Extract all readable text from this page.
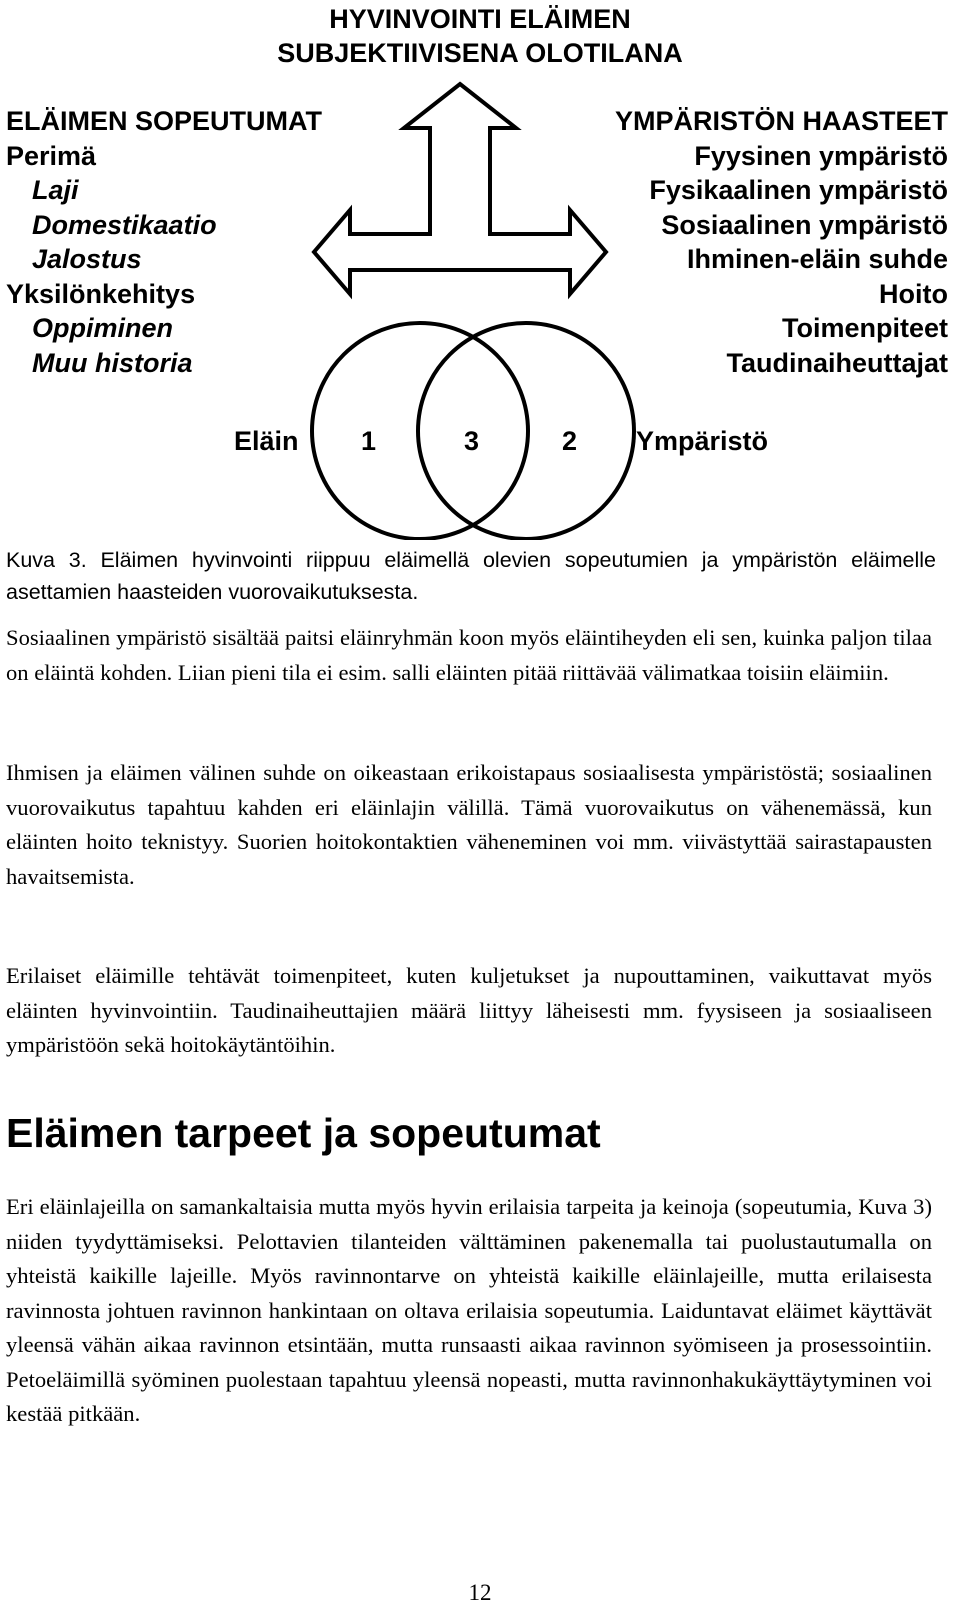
HYVINVOINTI ELÄIMEN
SUBJEKTIIVISENA OLOTILANA
ELÄIMEN SOPEUTUMAT
Perimä
Laji
Domestikaatio
Jalostus
Yksilönkehitys
Oppiminen
Muu historia
YMPÄRISTÖN HAASTEET
Fyysinen ympäristö
Fysikaalinen ympäristö
Sosiaalinen ympäristö
Ihminen-eläin suhde
Hoito
Toimenpiteet
Taudinaiheuttajat
Eläin 1	3	2 Ympäristö
Kuva 3. Eläimen hyvinvointi riippuu eläimellä olevien sopeutumien ja ympäristön eläimelle asettamien haasteiden vuorovaikutuksesta.
Sosiaalinen ympäristö sisältää paitsi eläinryhmän koon myös eläintiheyden eli sen, kuinka paljon tilaa on eläintä kohden. Liian pieni tila ei esim. salli eläinten pitää riittävää välimatkaa toisiin eläimiin.
Ihmisen ja eläimen välinen suhde on oikeastaan erikoistapaus sosiaalisesta ympäristöstä; sosiaalinen vuorovaikutus tapahtuu kahden eri eläinlajin välillä. Tämä vuorovaikutus on vähenemässä, kun eläinten hoito teknistyy. Suorien hoitokontaktien väheneminen voi mm. viivästyttää sairastapausten havaitsemista.
Erilaiset eläimille tehtävät toimenpiteet, kuten kuljetukset ja nupouttaminen, vaikuttavat myös eläinten hyvinvointiin. Taudinaiheuttajien määrä liittyy läheisesti mm. fyysiseen ja sosiaaliseen ympäristöön sekä hoitokäytäntöihin.
Eläimen tarpeet ja sopeutumat
Eri eläinlajeilla on samankaltaisia mutta myös hyvin erilaisia tarpeita ja keinoja (sopeutumia, Kuva 3) niiden tyydyttämiseksi. Pelottavien tilanteiden välttäminen pakenemalla tai puolustautumalla on yhteistä kaikille lajeille. Myös ravinnontarve on yhteistä kaikille eläinlajeille, mutta erilaisesta ravinnosta johtuen ravinnon hankintaan on oltava erilaisia sopeutumia. Laiduntavat eläimet käyttävät yleensä vähän aikaa ravinnon etsintään, mutta runsaasti aikaa ravinnon syömiseen ja prosessointiin. Petoeläimillä syöminen puolestaan tapahtuu yleensä nopeasti, mutta ravinnonhakukäyttäytyminen voi kestää pitkään.
12
